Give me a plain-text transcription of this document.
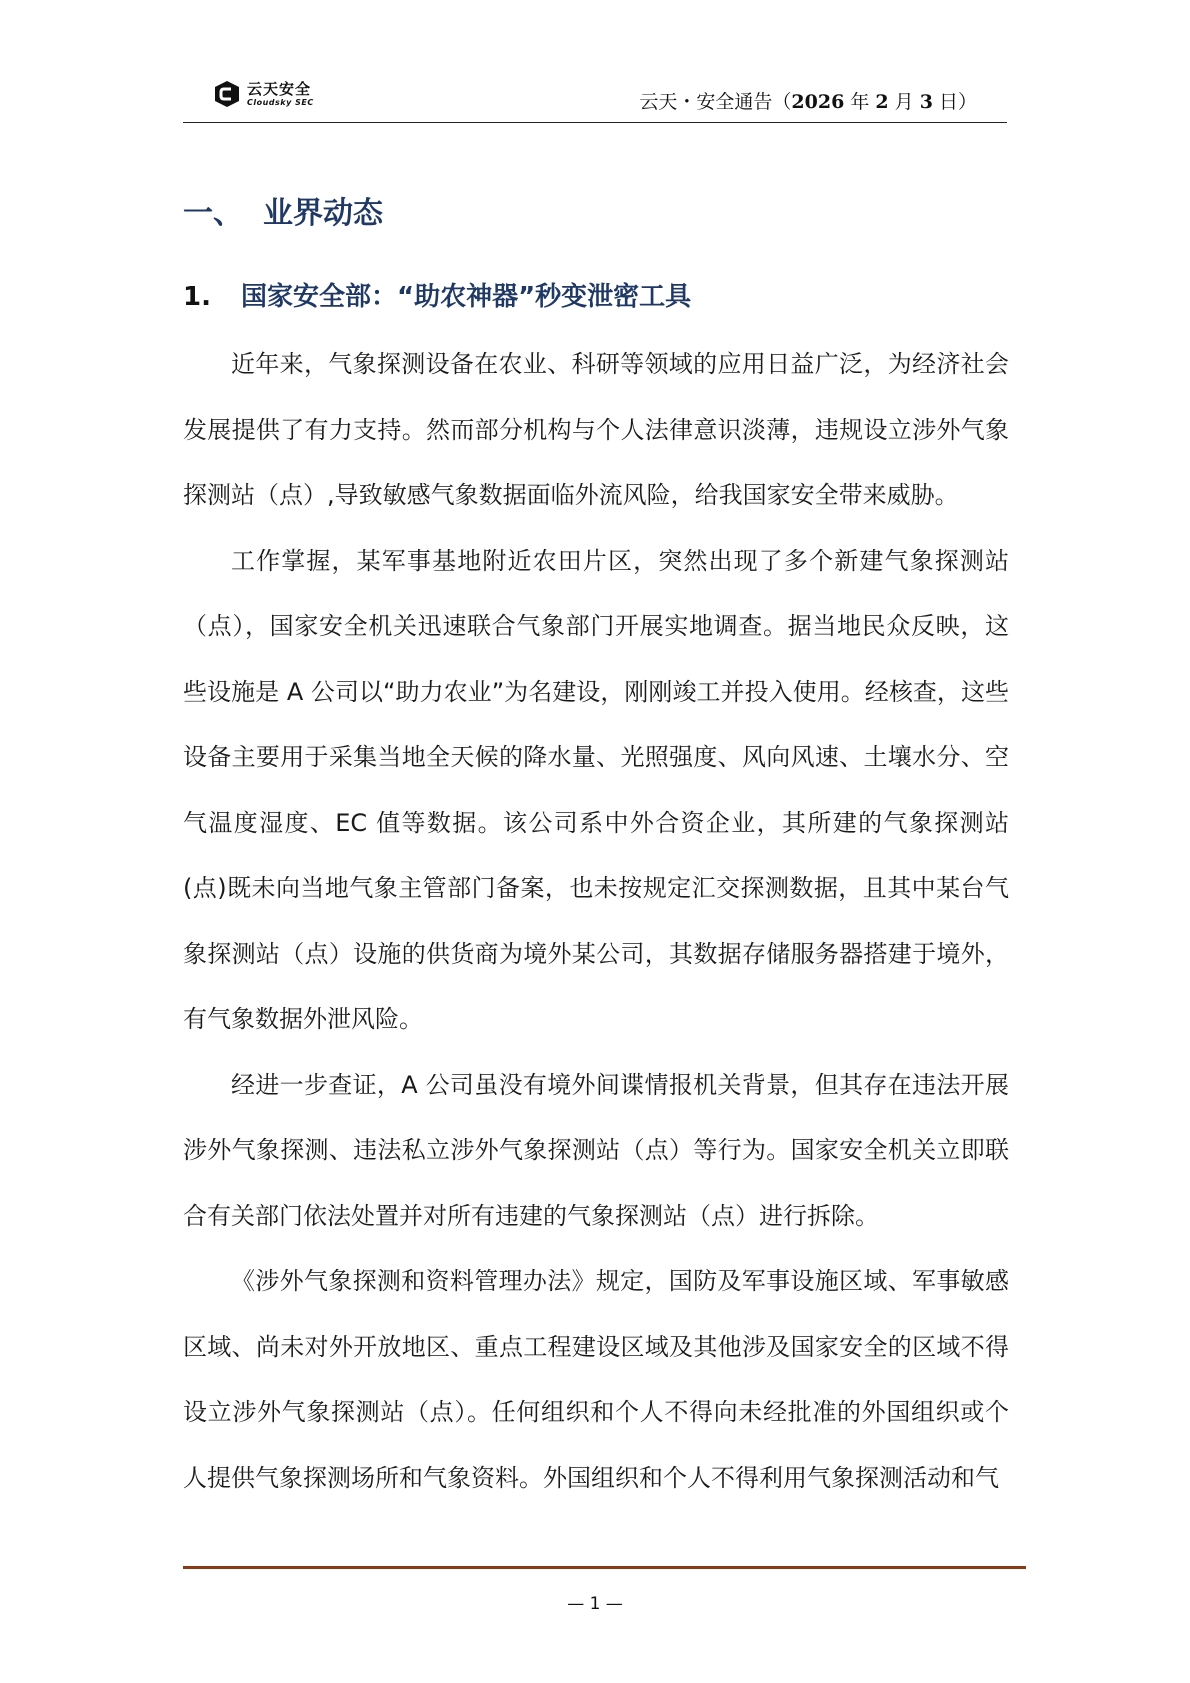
云天安全
Cloudsky SEC	云天・安全通告（2026 年 2 月 3 日）
一、 业界动态
1. 国家安全部：“助农神器”秒变泄密工具

近年来，气象探测设备在农业、科研等领域的应用日益广泛，为经济社会发展提供了有力支持。然而部分机构与个人法律意识淡薄，违规设立涉外气象探测站（点）,导致敏感气象数据面临外流风险，给我国家安全带来威胁。

工作掌握，某军事基地附近农田片区，突然出现了多个新建气象探测站（点），国家安全机关迅速联合气象部门开展实地调查。据当地民众反映，这些设施是 A 公司以“助力农业”为名建设，刚刚竣工并投入使用。经核查，这些设备主要用于采集当地全天候的降水量、光照强度、风向风速、土壤水分、空气温度湿度、EC 值等数据。该公司系中外合资企业，其所建的气象探测站(点)既未向当地气象主管部门备案，也未按规定汇交探测数据，且其中某台气象探测站（点）设施的供货商为境外某公司，其数据存储服务器搭建于境外，有气象数据外泄风险。

经进一步查证，A 公司虽没有境外间谍情报机关背景，但其存在违法开展涉外气象探测、违法私立涉外气象探测站（点）等行为。国家安全机关立即联合有关部门依法处置并对所有违建的气象探测站（点）进行拆除。

《涉外气象探测和资料管理办法》规定，国防及军事设施区域、军事敏感区域、尚未对外开放地区、重点工程建设区域及其他涉及国家安全的区域不得设立涉外气象探测站（点）。任何组织和个人不得向未经批准的外国组织或个人提供气象探测场所和气象资料。外国组织和个人不得利用气象探测活动和气

— 1 —
